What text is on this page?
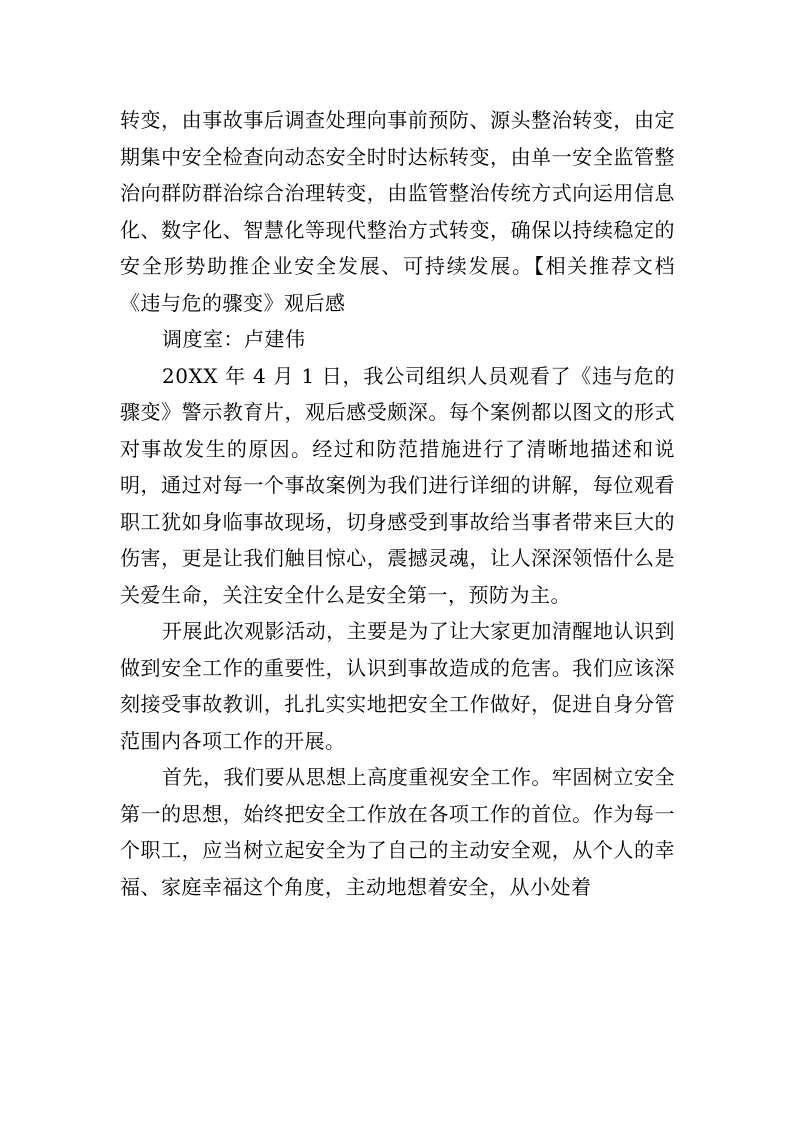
转变，由事故事后调查处理向事前预防、源头整治转变，由定期集中安全检查向动态安全时时达标转变，由单一安全监管整治向群防群治综合治理转变，由监管整治传统方式向运用信息化、数字化、智慧化等现代整治方式转变，确保以持续稳定的安全形势助推企业安全发展、可持续发展。【相关推荐文档《违与危的骤变》观后感

调度室：卢建伟

20XX 年 4 月 1 日，我公司组织人员观看了《违与危的骤变》警示教育片，观后感受颇深。每个案例都以图文的形式对事故发生的原因。经过和防范措施进行了清晰地描述和说明，通过对每一个事故案例为我们进行详细的讲解，每位观看职工犹如身临事故现场，切身感受到事故给当事者带来巨大的伤害，更是让我们触目惊心，震撼灵魂，让人深深领悟什么是关爱生命，关注安全什么是安全第一，预防为主。

开展此次观影活动，主要是为了让大家更加清醒地认识到做到安全工作的重要性，认识到事故造成的危害。我们应该深刻接受事故教训，扎扎实实地把安全工作做好，促进自身分管范围内各项工作的开展。

首先，我们要从思想上高度重视安全工作。牢固树立安全第一的思想，始终把安全工作放在各项工作的首位。作为每一个职工，应当树立起安全为了自己的主动安全观，从个人的幸福、家庭幸福这个角度，主动地想着安全，从小处着
